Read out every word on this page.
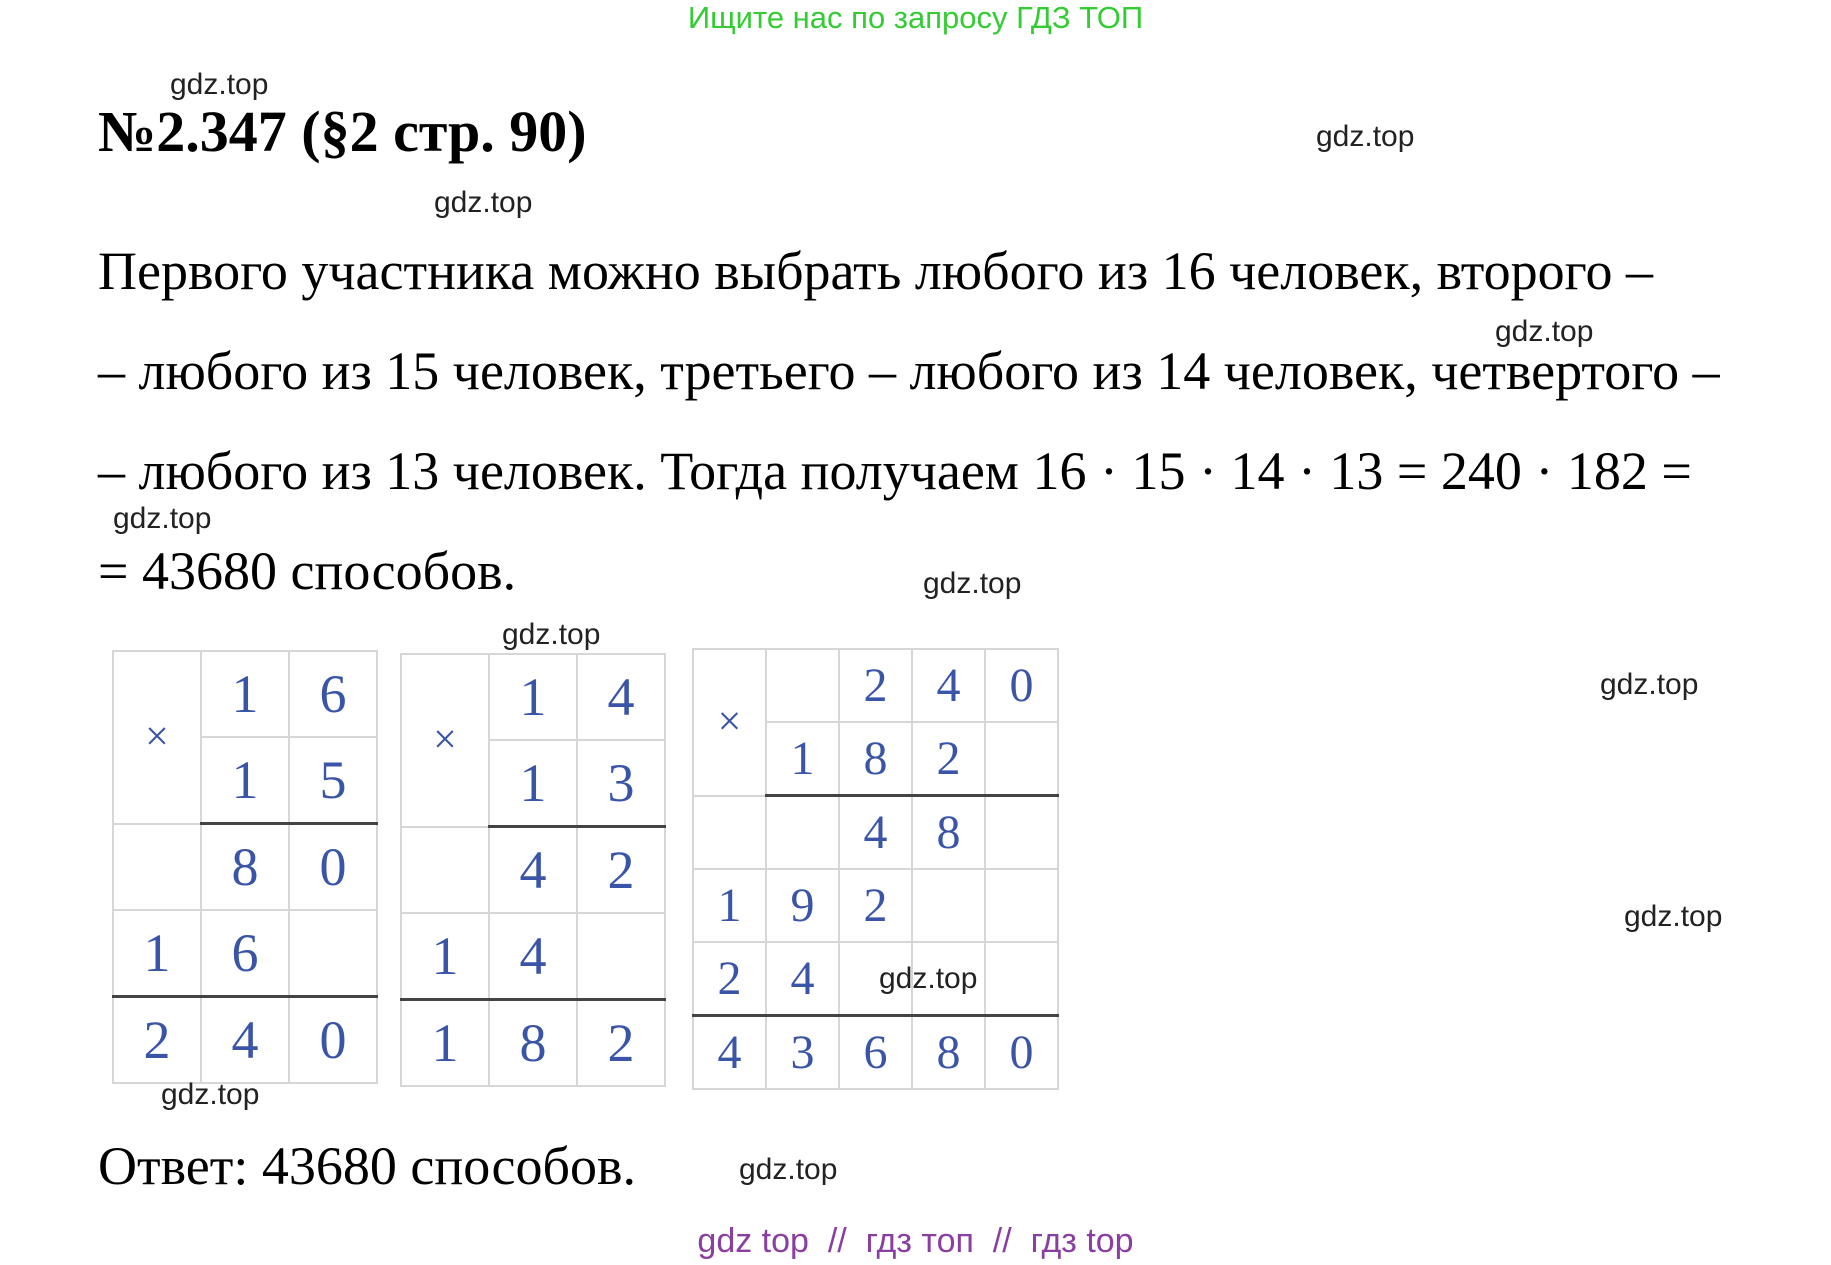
Ищите нас по запросу ГДЗ ТОП
№2.347 (§2 стр. 90)
Первого участника можно выбрать любого из 16 человек, второго –
– любого из 15 человек, третьего – любого из 14 человек, четвертого –
– любого из 13 человек. Тогда получаем 16 · 15 · 14 · 13 = 240 · 182 =
= 43680 способов.
×	1	6
	1	5
	8	0
1	6	
2	4	0
×	1	4
	1	3
	4	2
1	4	
1	8	2
×		2	4	0
	1	8	2	
		4	8	
1	9	2		
2	4			
4	3	6	8	0
Ответ: 43680 способов.
gdz.top
gdz.top
gdz.top
gdz.top
gdz.top
gdz.top
gdz.top
gdz.top
gdz.top
gdz.top
gdz.top
gdz.top
gdz top  //  гдз топ  //  гдз top
